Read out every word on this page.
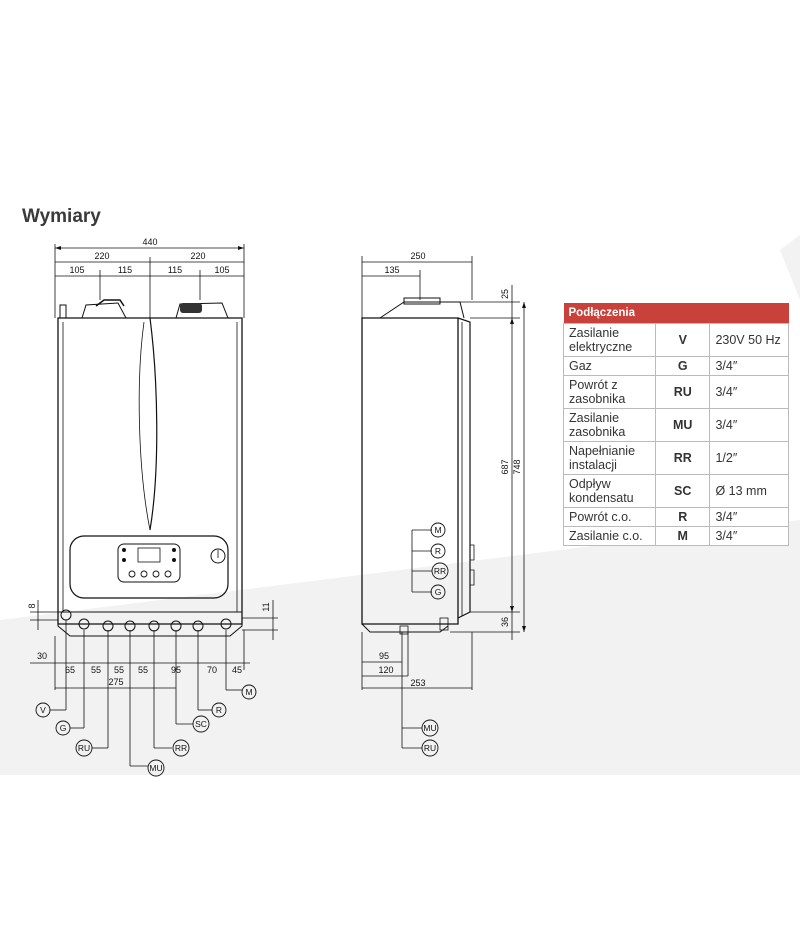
Wymiary
440
220	220
105	115	115	105
8	11
30
65 55 55 55	95	70 45
275
V
G
RU
MU
RR
SC
R
M
250
135
25
687 748
36
M
R
RR
G
95
120
253
MU
RU
Podłączenia		
Zasilanie elektryczne	V	230V 50 Hz
Gaz	G	3/4″
Powrót z zasobnika	RU	3/4″
Zasilanie zasobnika	MU	3/4″
Napełnianie instalacji	RR	1/2″
Odpływ kondensatu	SC	Ø 13 mm
Powrót c.o.	R	3/4″
Zasilanie c.o.	M	3/4″
